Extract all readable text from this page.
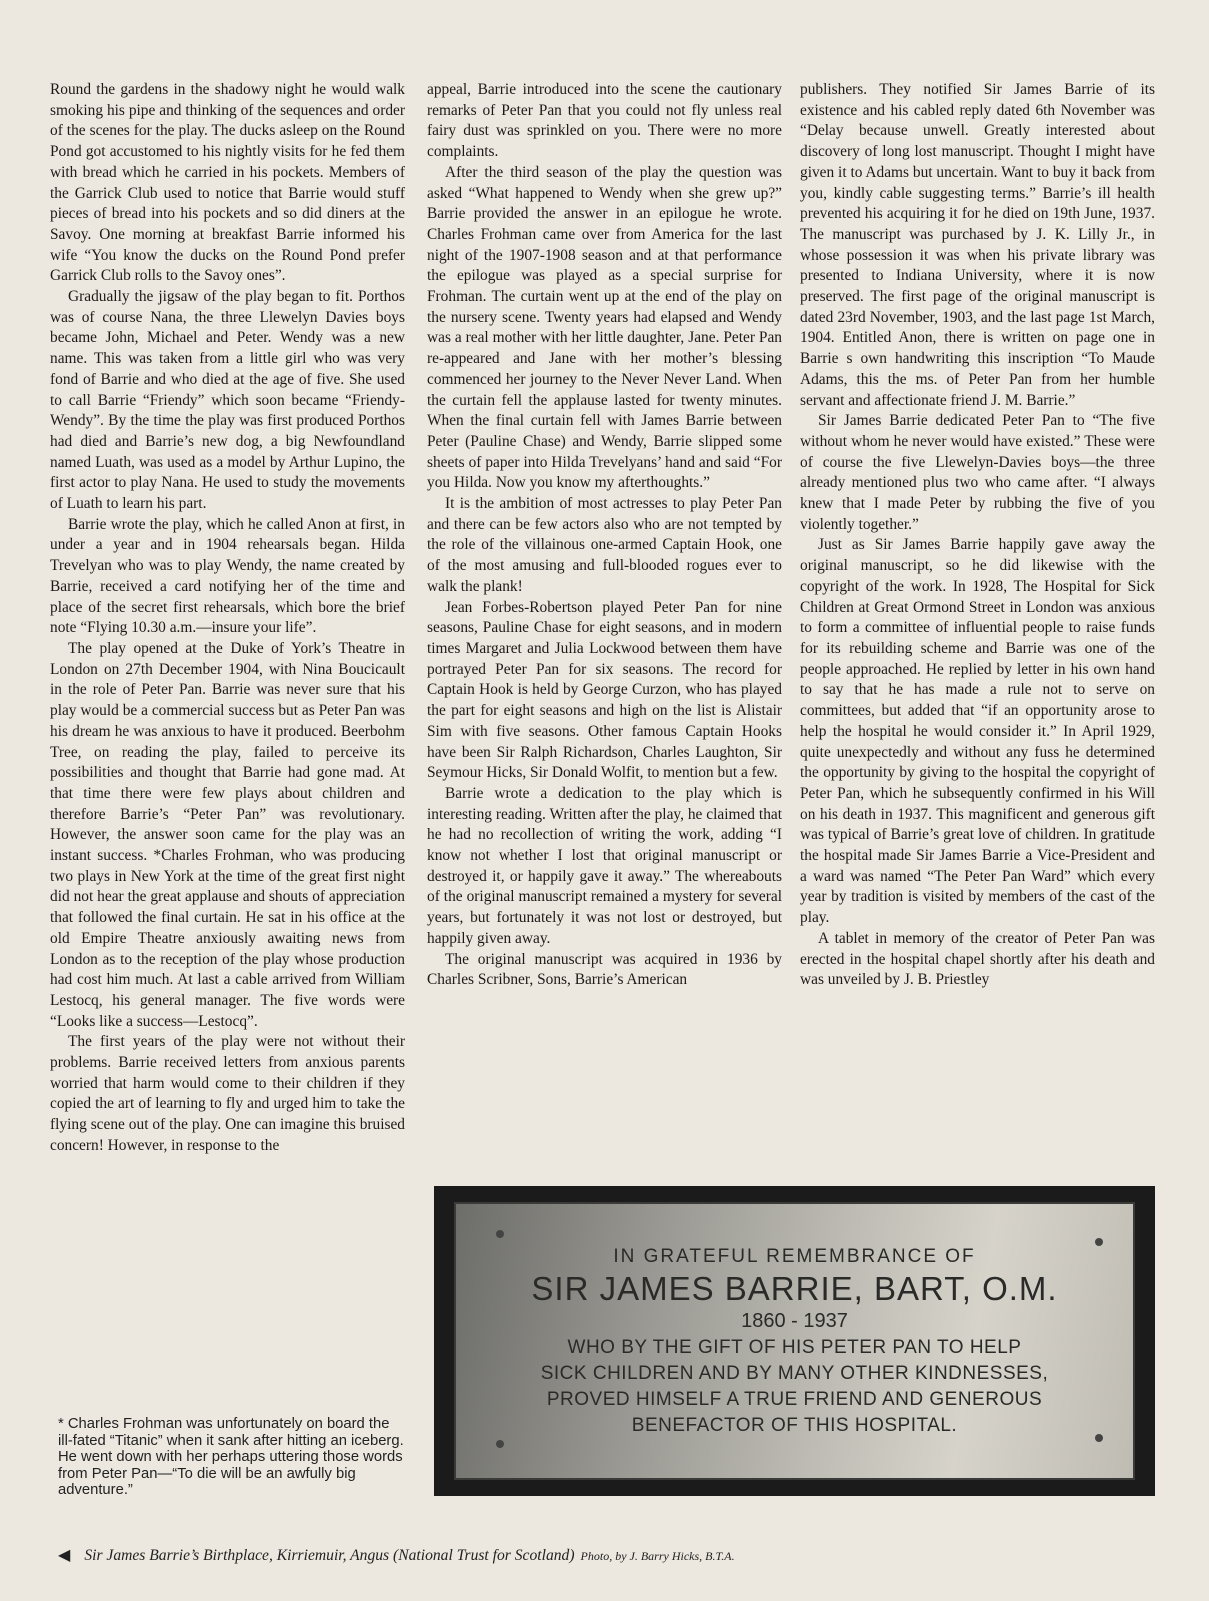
Round the gardens in the shadowy night he would walk smoking his pipe and thinking of the sequences and order of the scenes for the play. The ducks asleep on the Round Pond got accustomed to his nightly visits for he fed them with bread which he carried in his pockets. Members of the Garrick Club used to notice that Barrie would stuff pieces of bread into his pockets and so did diners at the Savoy. One morning at breakfast Barrie informed his wife “You know the ducks on the Round Pond prefer Garrick Club rolls to the Savoy ones”.

Gradually the jigsaw of the play began to fit. Porthos was of course Nana, the three Llewelyn Davies boys became John, Michael and Peter. Wendy was a new name. This was taken from a little girl who was very fond of Barrie and who died at the age of five. She used to call Barrie “Friendy” which soon became “Friendy-Wendy”. By the time the play was first produced Porthos had died and Barrie’s new dog, a big Newfoundland named Luath, was used as a model by Arthur Lupino, the first actor to play Nana. He used to study the movements of Luath to learn his part.

Barrie wrote the play, which he called Anon at first, in under a year and in 1904 rehearsals began. Hilda Trevelyan who was to play Wendy, the name created by Barrie, received a card notifying her of the time and place of the secret first rehearsals, which bore the brief note “Flying 10.30 a.m.—insure your life”.

The play opened at the Duke of York’s Theatre in London on 27th December 1904, with Nina Boucicault in the role of Peter Pan. Barrie was never sure that his play would be a commercial success but as Peter Pan was his dream he was anxious to have it produced. Beerbohm Tree, on reading the play, failed to perceive its possibilities and thought that Barrie had gone mad. At that time there were few plays about children and therefore Barrie’s “Peter Pan” was revolutionary. However, the answer soon came for the play was an instant success. *Charles Frohman, who was producing two plays in New York at the time of the great first night did not hear the great applause and shouts of appreciation that followed the final curtain. He sat in his office at the old Empire Theatre anxiously awaiting news from London as to the reception of the play whose production had cost him much. At last a cable arrived from William Lestocq, his general manager. The five words were “Looks like a success—Lestocq”.

The first years of the play were not without their problems. Barrie received letters from anxious parents worried that harm would come to their children if they copied the art of learning to fly and urged him to take the flying scene out of the play. One can imagine this bruised concern! However, in response to the

appeal, Barrie introduced into the scene the cautionary remarks of Peter Pan that you could not fly unless real fairy dust was sprinkled on you. There were no more complaints.

After the third season of the play the question was asked “What happened to Wendy when she grew up?” Barrie provided the answer in an epilogue he wrote. Charles Frohman came over from America for the last night of the 1907-1908 season and at that performance the epilogue was played as a special surprise for Frohman. The curtain went up at the end of the play on the nursery scene. Twenty years had elapsed and Wendy was a real mother with her little daughter, Jane. Peter Pan re-appeared and Jane with her mother’s blessing commenced her journey to the Never Never Land. When the curtain fell the applause lasted for twenty minutes. When the final curtain fell with James Barrie between Peter (Pauline Chase) and Wendy, Barrie slipped some sheets of paper into Hilda Trevelyans’ hand and said “For you Hilda. Now you know my afterthoughts.”

It is the ambition of most actresses to play Peter Pan and there can be few actors also who are not tempted by the role of the villainous one-armed Captain Hook, one of the most amusing and full-blooded rogues ever to walk the plank!

Jean Forbes-Robertson played Peter Pan for nine seasons, Pauline Chase for eight seasons, and in modern times Margaret and Julia Lockwood between them have portrayed Peter Pan for six seasons. The record for Captain Hook is held by George Curzon, who has played the part for eight seasons and high on the list is Alistair Sim with five seasons. Other famous Captain Hooks have been Sir Ralph Richardson, Charles Laughton, Sir Seymour Hicks, Sir Donald Wolfit, to mention but a few.

Barrie wrote a dedication to the play which is interesting reading. Written after the play, he claimed that he had no recollection of writing the work, adding “I know not whether I lost that original manuscript or destroyed it, or happily gave it away.” The whereabouts of the original manuscript remained a mystery for several years, but fortunately it was not lost or destroyed, but happily given away.

The original manuscript was acquired in 1936 by Charles Scribner, Sons, Barrie’s American

publishers. They notified Sir James Barrie of its existence and his cabled reply dated 6th November was “Delay because unwell. Greatly interested about discovery of long lost manuscript. Thought I might have given it to Adams but uncertain. Want to buy it back from you, kindly cable suggesting terms.” Barrie’s ill health prevented his acquiring it for he died on 19th June, 1937. The manuscript was purchased by J. K. Lilly Jr., in whose possession it was when his private library was presented to Indiana University, where it is now preserved. The first page of the original manuscript is dated 23rd November, 1903, and the last page 1st March, 1904. Entitled Anon, there is written on page one in Barrie s own handwriting this inscription “To Maude Adams, this the ms. of Peter Pan from her humble servant and affectionate friend J. M. Barrie.”

Sir James Barrie dedicated Peter Pan to “The five without whom he never would have existed.” These were of course the five Llewelyn-Davies boys—the three already mentioned plus two who came after. “I always knew that I made Peter by rubbing the five of you violently together.”

Just as Sir James Barrie happily gave away the original manuscript, so he did likewise with the copyright of the work. In 1928, The Hospital for Sick Children at Great Ormond Street in London was anxious to form a committee of influential people to raise funds for its rebuilding scheme and Barrie was one of the people approached. He replied by letter in his own hand to say that he has made a rule not to serve on committees, but added that “if an opportunity arose to help the hospital he would consider it.” In April 1929, quite unexpectedly and without any fuss he determined the opportunity by giving to the hospital the copyright of Peter Pan, which he subsequently confirmed in his Will on his death in 1937. This magnificent and generous gift was typical of Barrie’s great love of children. In gratitude the hospital made Sir James Barrie a Vice-President and a ward was named “The Peter Pan Ward” which every year by tradition is visited by members of the cast of the play.

A tablet in memory of the creator of Peter Pan was erected in the hospital chapel shortly after his death and was unveiled by J. B. Priestley

* Charles Frohman was unfortunately on board the ill-fated “Titanic” when it sank after hitting an iceberg. He went down with her perhaps uttering those words from Peter Pan—“To die will be an awfully big adventure.”
IN GRATEFUL REMEMBRANCE OF
SIR JAMES BARRIE, BART, O.M.
1860 - 1937
WHO BY THE GIFT OF HIS PETER PAN TO HELP
SICK CHILDREN AND BY MANY OTHER KINDNESSES,
PROVED HIMSELF A TRUE FRIEND AND GENEROUS
BENEFACTOR OF THIS HOSPITAL.
◀ Sir James Barrie’s Birthplace, Kirriemuir, Angus (National Trust for Scotland) Photo, by J. Barry Hicks, B.T.A.
